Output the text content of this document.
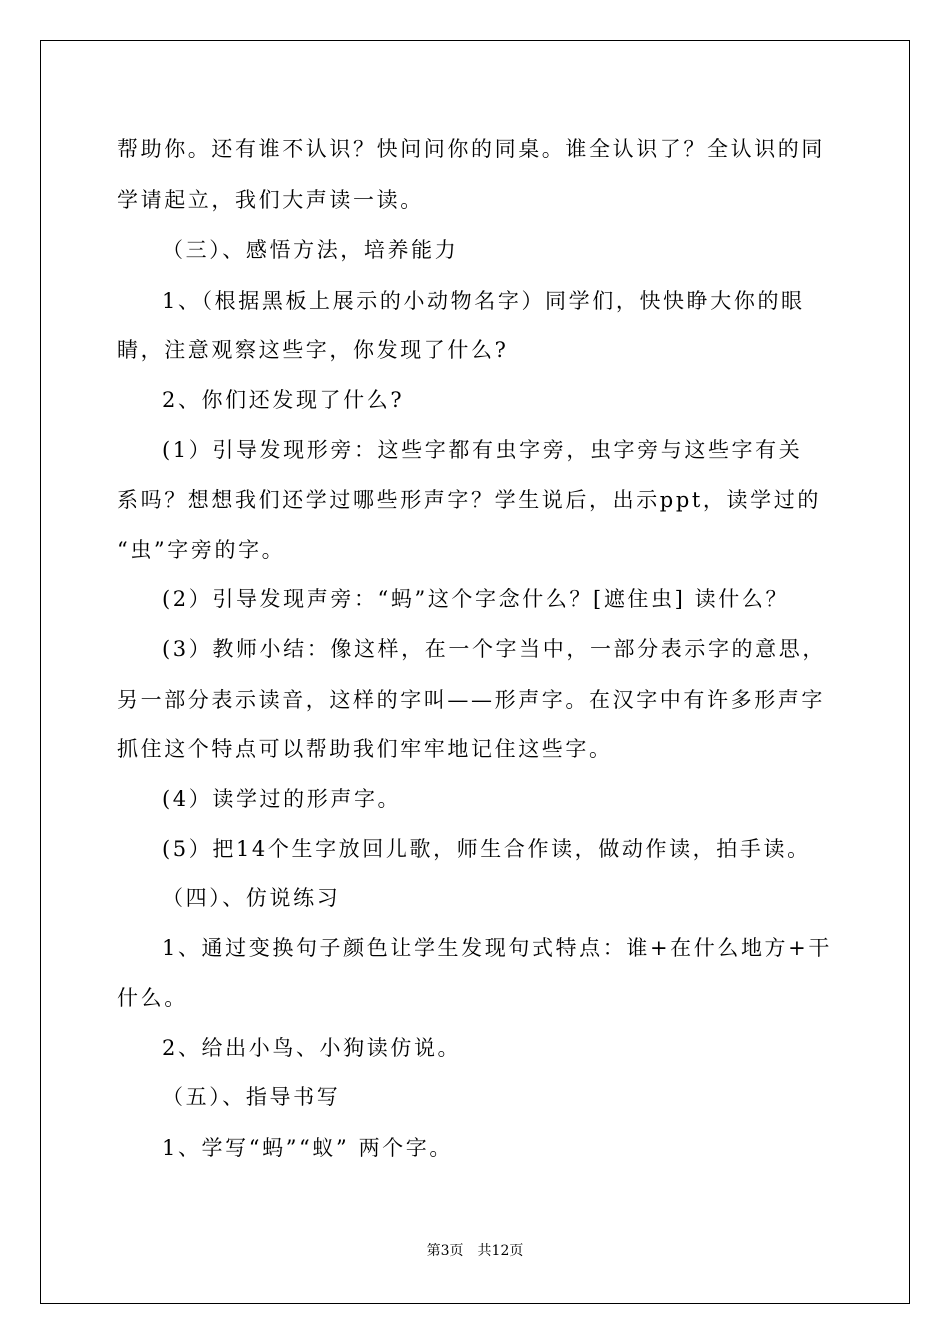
帮助你。还有谁不认识？快问问你的同桌。谁全认识了？全认识的同
学请起立，我们大声读一读。
（三）、感悟方法，培养能力
1、（根据黑板上展示的小动物名字）同学们，快快睁大你的眼
睛，注意观察这些字，你发现了什么?
2、你们还发现了什么?
(1）引导发现形旁：这些字都有虫字旁，虫字旁与这些字有关
系吗？想想我们还学过哪些形声字？学生说后，出示ppt，读学过的
“虫”字旁的字。
(2）引导发现声旁：“蚂”这个字念什么？[遮住虫] 读什么？
(3）教师小结：像这样，在一个字当中，一部分表示字的意思，
另一部分表示读音，这样的字叫——形声字。在汉字中有许多形声字
抓住这个特点可以帮助我们牢牢地记住这些字。
(4）读学过的形声字。
(5）把14个生字放回儿歌，师生合作读，做动作读，拍手读。
（四）、仿说练习
1、通过变换句子颜色让学生发现句式特点：谁+在什么地方+干
什么。
2、给出小鸟、小狗读仿说。
（五）、指导书写
1、学写“蚂”“蚁” 两个字。
第3页　共12页
